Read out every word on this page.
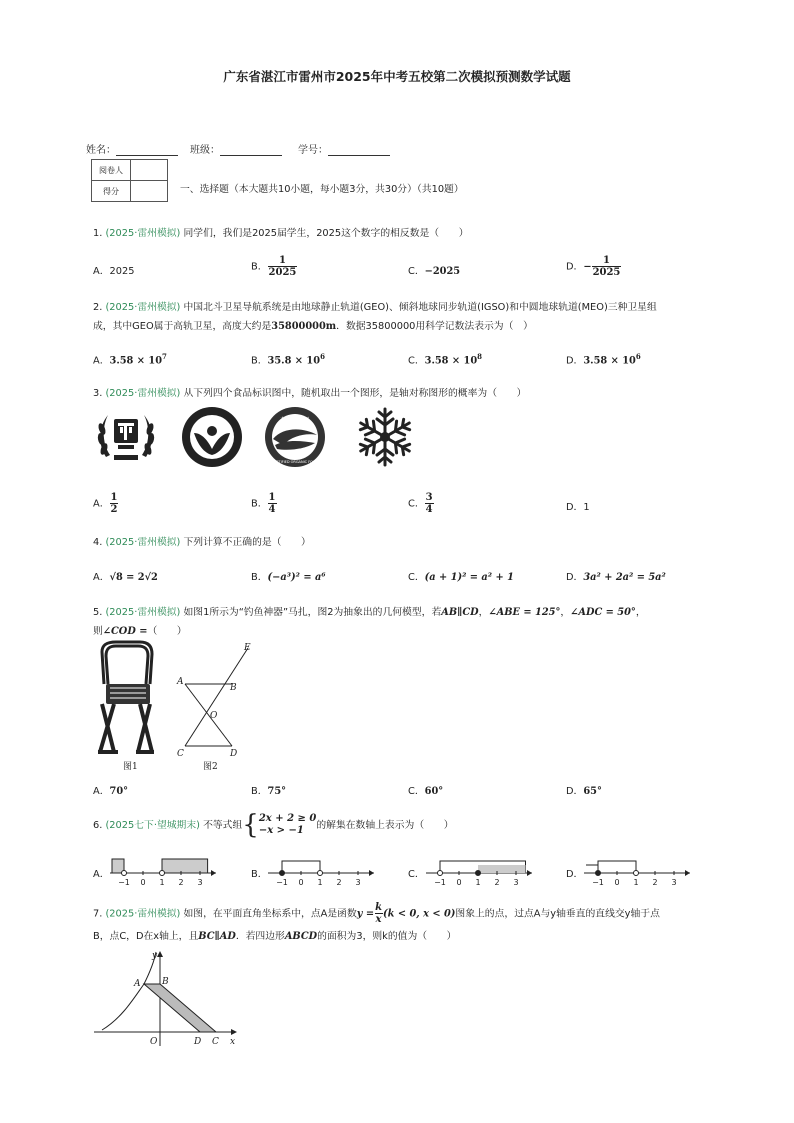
广东省湛江市雷州市2025年中考五校第二次模拟预测数学试题
姓名：	班级：	学号：
阅卷人	
得分		一、选择题（本大题共10小题，每小题3分，共30分）（共10题）
1. (2025·雷州模拟) 同学们，我们是2025届学生，2025这个数字的相反数是（　　）
A．2025	B． $\frac{1}{2025}$	C．−2025	D．− $\frac{1}{2025}$
2. (2025·雷州模拟) 中国北斗卫星导航系统是由地球静止轨道(GEO)、倾斜地球同步轨道(IGSO)和中圆地球轨道(MEO)三种卫星组
成，其中GEO属于高轨卫星，高度大约是35800000m．数据35800000用科学记数法表示为（　）
A．$3.58 \times 10^7$	B．$35.8 \times 10^6$	C．$3.58 \times 10^8$	D．$3.58 \times 10^6$
3. (2025·雷州模拟) 从下列四个食品标识图中，随机取出一个图形，是轴对称图形的概率为（　　）
有 机 食 品
CERTIFIED ORGANIC FOOD
A． $\frac{1}{2}$	B． $\frac{1}{4}$	C． $\frac{3}{4}$	D．1
4. (2025·雷州模拟) 下列计算不正确的是（　　）
A．√8 = 2√2	B．(−a³)² = a⁶	C．(a + 1)² = a² + 1	D．3a² + 2a² = 5a²
5. (2025·雷州模拟) 如图1所示为“钓鱼神器”马扎，图2为抽象出的几何模型，若AB∥CD，∠ABE = 125°，∠ADC = 50°，
则∠COD =（　　）
图1
A
B
C	D
E
O
图2
A．70°	B．75°	C．60°	D．65°
6. (2025七下·望城期末) 不等式组{ 2x + 2 ≥ 0
−x > −1	的解集在数轴上表示为（　　）
A．	B．	C．	D．
−1 0 1 2 3	−1 0 1 2 3	−1 0 1 2 3	−1 0 1 2 3
7. (2025·雷州模拟) 如图，在平面直角坐标系中，点A是函数$y = \frac{k}{x} (k < 0$, x < 0)图象上的点，过点A与y轴垂直的直线交y轴于点
B，点C，D在x轴上，且BC∥AD．若四边形ABCD的面积为3，则k的值为（　　）
A B
C
D
O	x
y
